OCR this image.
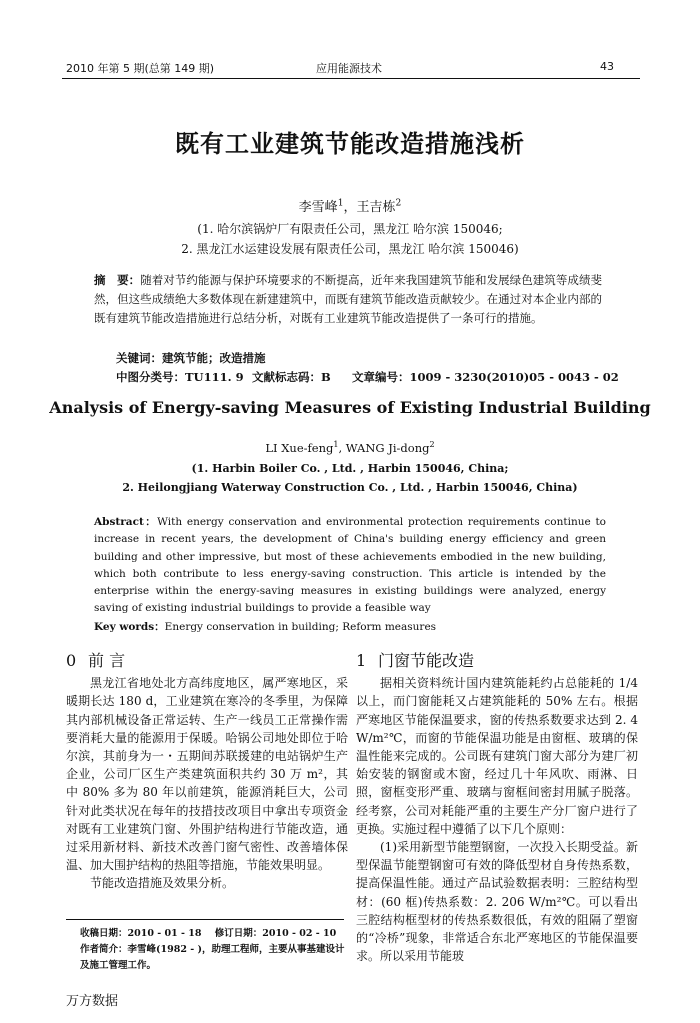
2010 年第 5 期(总第 149 期)	应用能源技术	43
既有工业建筑节能改造措施浅析
李雪峰$^1$，王吉栋$^2$
(1. 哈尔滨锅炉厂有限责任公司，黑龙江 哈尔滨 150046;
2. 黑龙江水运建设发展有限责任公司，黑龙江 哈尔滨 150046)
摘　要：随着对节约能源与保护环境要求的不断提高，近年来我国建筑节能和发展绿色建筑等成绩斐然，但这些成绩绝大多数体现在新建建筑中，而既有建筑节能改造贡献较少。在通过对本企业内部的既有建筑节能改造措施进行总结分析，对既有工业建筑节能改造提供了一条可行的措施。
关键词：建筑节能；改造措施
中图分类号：TU111. 9 文献标志码：B 文章编号：1009 - 3230(2010)05 - 0043 - 02
Analysis of Energy-saving Measures of Existing Industrial Building
LI Xue-feng$^1$, WANG Ji-dong$^2$
(1. Harbin Boiler Co. , Ltd. , Harbin 150046, China;
2. Heilongjiang Waterway Construction Co. , Ltd. , Harbin 150046, China)
Abstract：With energy conservation and environmental protection requirements continue to increase in recent years, the development of China's building energy efficiency and green building and other impressive, but most of these achievements embodied in the new building, which both contribute to less energy-saving construction. This article is intended by the enterprise within the energy-saving measures in existing buildings were analyzed, energy saving of existing industrial buildings to provide a feasible way
Key words：Energy conservation in building; Reform measures
0 前 言

黑龙江省地处北方高纬度地区，属严寒地区，采暖期长达 180 d，工业建筑在寒冷的冬季里，为保障其内部机械设备正常运转、生产一线员工正常操作需要消耗大量的能源用于保暖。哈锅公司地处即位于哈尔滨，其前身为一・五期间苏联援建的电站锅炉生产企业，公司厂区生产类建筑面积共约 30 万 m²，其中 80% 多为 80 年以前建筑，能源消耗巨大，公司针对此类状况在每年的技措技改项目中拿出专项资金对既有工业建筑门窗、外围护结构进行节能改造，通过采用新材料、新技术改善门窗气密性、改善墙体保温、加大围护结构的热阻等措施，节能效果明显。

节能改造措施及效果分析。

1 门窗节能改造

据相关资料统计国内建筑能耗约占总能耗的 1/4 以上，而门窗能耗又占建筑能耗的 50% 左右。根据严寒地区节能保温要求，窗的传热系数要求达到 2. 4 W/m²℃，而窗的节能保温功能是由窗框、玻璃的保温性能来完成的。公司既有建筑门窗大部分为建厂初始安装的钢窗或木窗，经过几十年风吹、雨淋、日照，窗框变形严重、玻璃与窗框间密封用腻子脱落。经考察，公司对耗能严重的主要生产分厂窗户进行了更换。实施过程中遵循了以下几个原则：

(1)采用新型节能塑钢窗，一次投入长期受益。新型保温节能塑钢窗可有效的降低型材自身传热系数，提高保温性能。通过产品试验数据表明：三腔结构型材：(60 框)传热系数：2. 206 W/m²℃。可以看出三腔结构框型材的传热系数很低，有效的阻隔了塑窗的“冷桥”现象，非常适合东北严寒地区的节能保温要求。所以采用节能玻

收稿日期：2010 - 01 - 18 修订日期：2010 - 02 - 10
作者简介：李雪峰(1982 - )，助理工程师，主要从事基建设计及施工管理工作。
万方数据
